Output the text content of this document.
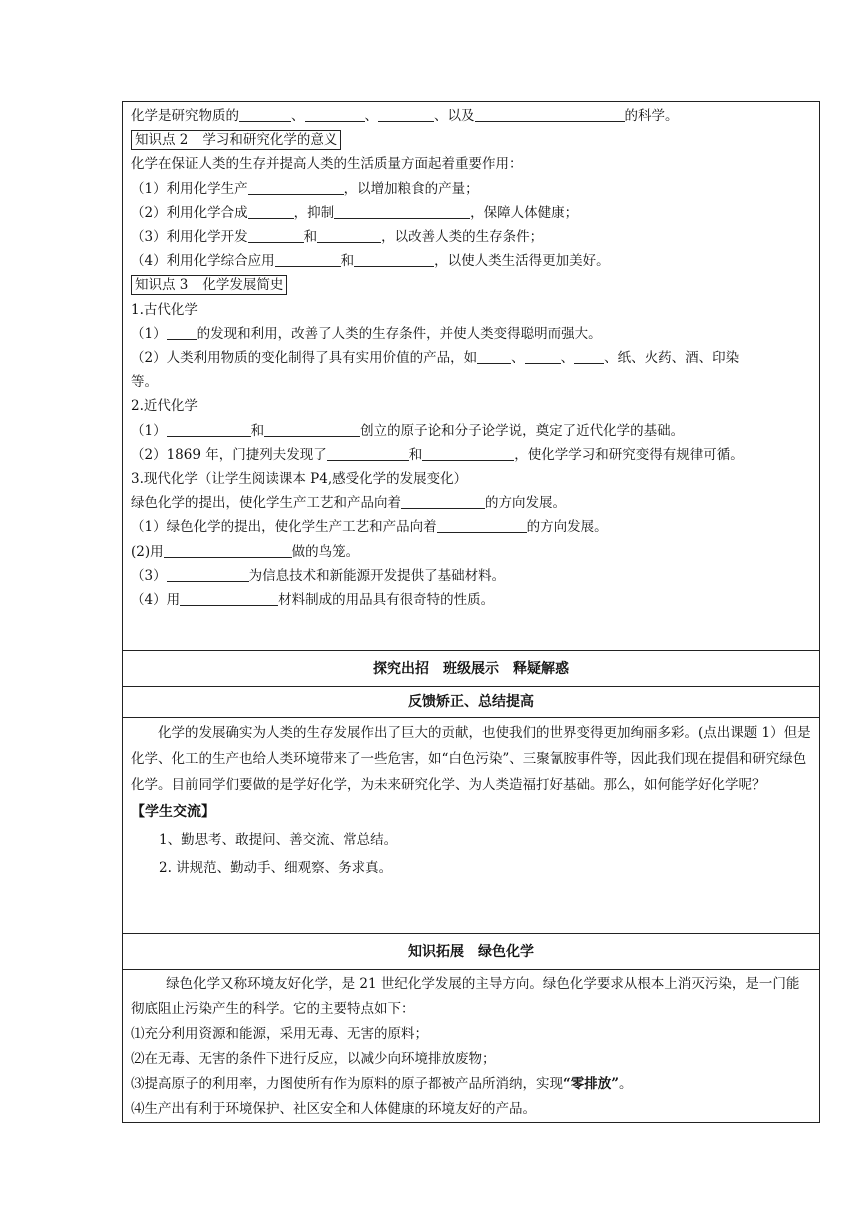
化学是研究物质的	、	、	、以及	的科学。
知识点 2 学习和研究化学的意义
化学在保证人类的生存并提高人类的生活质量方面起着重要作用：
（1）利用化学生产	，以增加粮食的产量；
（2）利用化学合成	，抑制	，保障人体健康；
（3）利用化学开发	和	，以改善人类的生存条件；
（4）利用化学综合应用	和	，以使人类生活得更加美好。
知识点 3 化学发展简史
1.古代化学
（1） 的发现和利用，改善了人类的生存条件，并使人类变得聪明而强大。
（2）人类利用物质的变化制得了具有实用价值的产品，如	、	、 、纸、火药、酒、印染
等。
2.近代化学
（1）	和	创立的原子论和分子论学说，奠定了近代化学的基础。
（2）1869 年，门捷列夫发现了	和	，使化学学习和研究变得有规律可循。
3.现代化学（让学生阅读课本 P4,感受化学的发展变化）
绿色化学的提出，使化学生产工艺和产品向着	的方向发展。
（1）绿色化学的提出，使化学生产工艺和产品向着	的方向发展。
(2)用	做的鸟笼。
（3）	为信息技术和新能源开发提供了基础材料。
（4）用	材料制成的用品具有很奇特的性质。
探究出招　班级展示　释疑解惑
反馈矫正、总结提高

化学的发展确实为人类的生存发展作出了巨大的贡献，也使我们的世界变得更加绚丽多彩。(点出课题 1）但是化学、化工的生产也给人类环境带来了一些危害，如“白色污染”、三聚氰胺事件等，因此我们现在提倡和研究绿色化学。目前同学们要做的是学好化学，为未来研究化学、为人类造福打好基础。那么，如何能学好化学呢？

【学生交流】
1、勤思考、敢提问、善交流、常总结。
2. 讲规范、勤动手、细观察、务求真。
知识拓展　绿色化学

绿色化学又称环境友好化学，是 21 世纪化学发展的主导方向。绿色化学要求从根本上消灭污染，是一门能彻底阻止污染产生的科学。它的主要特点如下：

⑴充分利用资源和能源，采用无毒、无害的原料；
⑵在无毒、无害的条件下进行反应，以减少向环境排放废物；
⑶提高原子的利用率，力图使所有作为原料的原子都被产品所消纳，实现“零排放”。
⑷生产出有利于环境保护、社区安全和人体健康的环境友好的产品。
